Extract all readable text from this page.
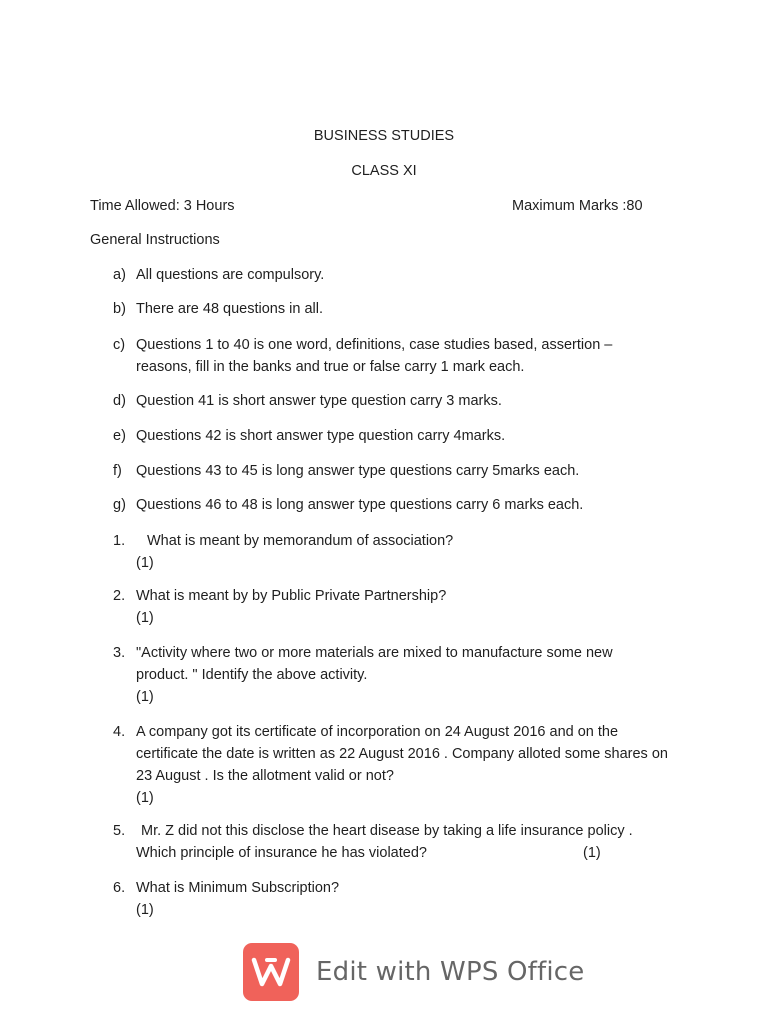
BUSINESS STUDIES
CLASS XI
Time Allowed: 3 Hours	Maximum Marks :80
General Instructions
a) All questions are compulsory.
b) There are 48 questions in all.
c) Questions 1 to 40 is one word, definitions, case studies based, assertion – reasons, fill in the banks and true or false carry 1 mark each.
d) Question 41 is short answer type question carry 3 marks.
e) Questions 42 is short answer type question carry 4marks.
f) Questions 43 to 45 is long answer type questions carry 5marks each.
g) Questions 46 to 48 is long answer type questions carry 6 marks each.
1. What is meant by memorandum of association?
(1)
2. What is meant by by Public Private Partnership?
(1)
3. "Activity where two or more materials are mixed to manufacture some new product. " Identify the above activity.
(1)
4. A company got its certificate of incorporation on 24 August 2016 and on the certificate the date is written as 22 August 2016 . Company alloted some shares on 23 August . Is the allotment valid or not?
(1)
5.	Mr. Z did not this disclose the heart disease by taking a life insurance policy . Which principle of insurance he has violated?	(1)
6. What is Minimum Subscription?
(1)
Edit with WPS Office
